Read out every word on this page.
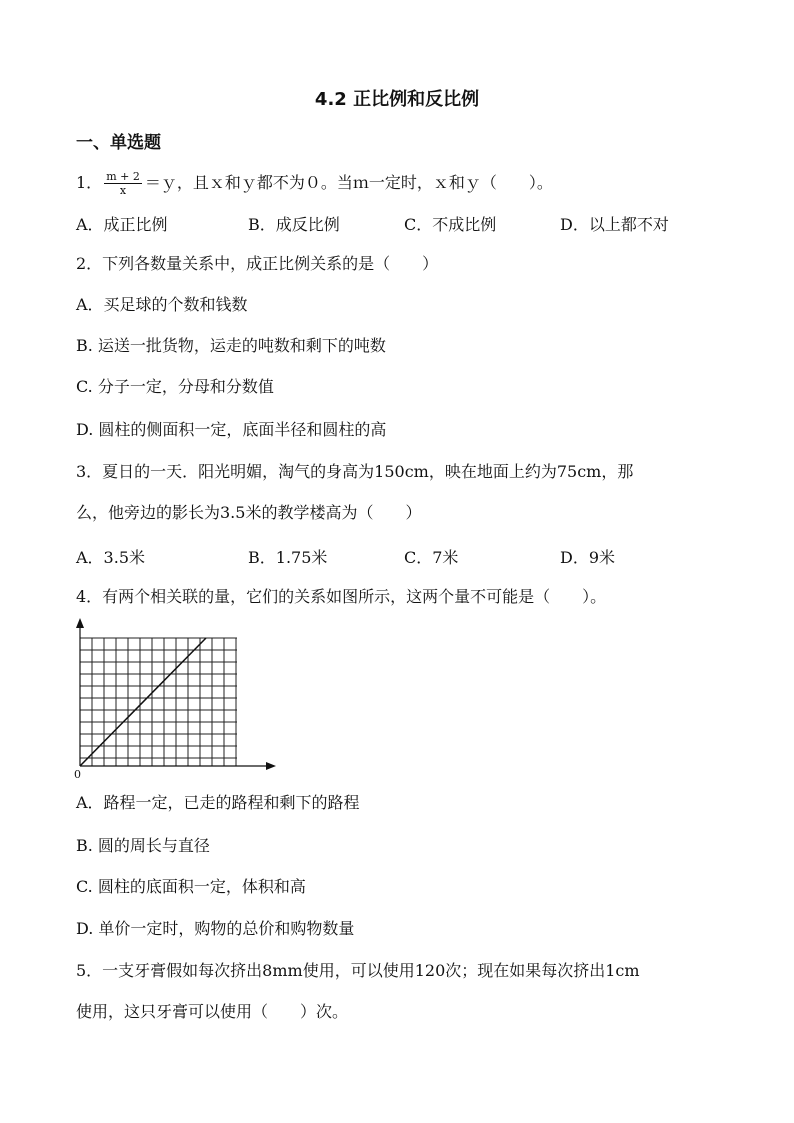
4.2 正比例和反比例
一、单选题
1． $\frac{m + 2}{x}$ ＝ｙ，且ｘ和ｙ都不为０。当ｍ一定时，ｘ和ｙ（　　）。
A．成正比例	B．成反比例	C．不成比例	D．以上都不对
2．下列各数量关系中，成正比例关系的是（　　）
A．买足球的个数和钱数
B. 运送一批货物，运走的吨数和剩下的吨数
C. 分子一定，分母和分数值
D. 圆柱的侧面积一定，底面半径和圆柱的高
3．夏日的一天．阳光明媚，淘气的身高为150cm，映在地面上约为75cm，那
么，他旁边的影长为3.5米的教学楼高为（　　）
A．3.5米	B．1.75米	C．7米	D．9米
4．有两个相关联的量，它们的关系如图所示，这两个量不可能是（　　）。
0
A．路程一定，已走的路程和剩下的路程
B. 圆的周长与直径
C. 圆柱的底面积一定，体积和高
D. 单价一定时，购物的总价和购物数量
5．一支牙膏假如每次挤出8mm使用，可以使用120次；现在如果每次挤出1cm
使用，这只牙膏可以使用（　　）次。
